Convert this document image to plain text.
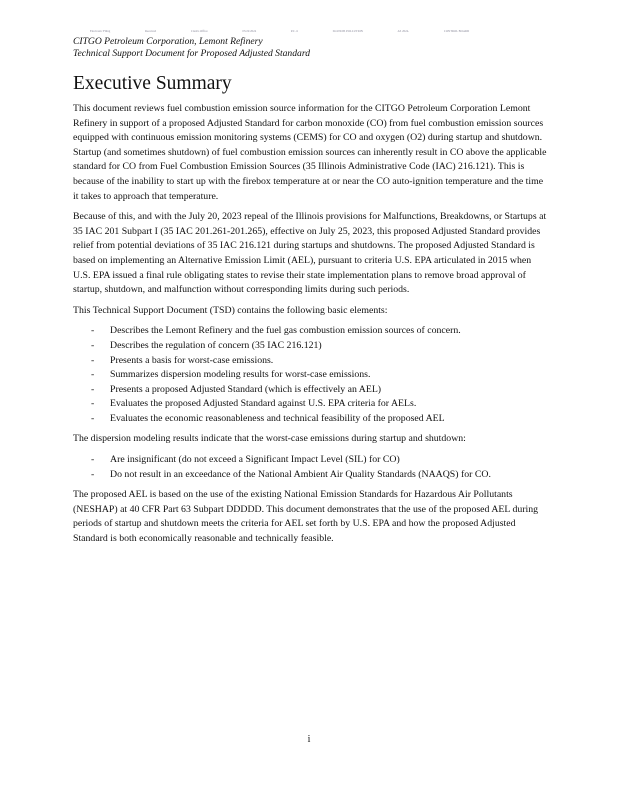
Electronic Filing	Received	Clerk's Office	03/22/2024	P.C. #	ILLINOIS POLLUTION	AS 2024-	CONTROL BOARD
CITGO Petroleum Corporation, Lemont Refinery
Technical Support Document for Proposed Adjusted Standard
Executive Summary

This document reviews fuel combustion emission source information for the CITGO Petroleum Corporation Lemont Refinery in support of a proposed Adjusted Standard for carbon monoxide (CO) from fuel combustion emission sources equipped with continuous emission monitoring systems (CEMS) for CO and oxygen (O2) during startup and shutdown. Startup (and sometimes shutdown) of fuel combustion emission sources can inherently result in CO above the applicable standard for CO from Fuel Combustion Emission Sources (35 Illinois Administrative Code (IAC) 216.121). This is because of the inability to start up with the firebox temperature at or near the CO auto-ignition temperature and the time it takes to approach that temperature.

Because of this, and with the July 20, 2023 repeal of the Illinois provisions for Malfunctions, Breakdowns, or Startups at 35 IAC 201 Subpart I (35 IAC 201.261-201.265), effective on July 25, 2023, this proposed Adjusted Standard provides relief from potential deviations of 35 IAC 216.121 during startups and shutdowns. The proposed Adjusted Standard is based on implementing an Alternative Emission Limit (AEL), pursuant to criteria U.S. EPA articulated in 2015 when U.S. EPA issued a final rule obligating states to revise their state implementation plans to remove broad approval of startup, shutdown, and malfunction without corresponding limits during such periods.

This Technical Support Document (TSD) contains the following basic elements:

- Describes the Lemont Refinery and the fuel gas combustion emission sources of concern.
- Describes the regulation of concern (35 IAC 216.121)
- Presents a basis for worst-case emissions.
- Summarizes dispersion modeling results for worst-case emissions.
- Presents a proposed Adjusted Standard (which is effectively an AEL)
- Evaluates the proposed Adjusted Standard against U.S. EPA criteria for AELs.
- Evaluates the economic reasonableness and technical feasibility of the proposed AEL

The dispersion modeling results indicate that the worst-case emissions during startup and shutdown:

- Are insignificant (do not exceed a Significant Impact Level (SIL) for CO)
- Do not result in an exceedance of the National Ambient Air Quality Standards (NAAQS) for CO.

The proposed AEL is based on the use of the existing National Emission Standards for Hazardous Air Pollutants (NESHAP) at 40 CFR Part 63 Subpart DDDDD. This document demonstrates that the use of the proposed AEL during periods of startup and shutdown meets the criteria for AEL set forth by U.S. EPA and how the proposed Adjusted Standard is both economically reasonable and technically feasible.

i
